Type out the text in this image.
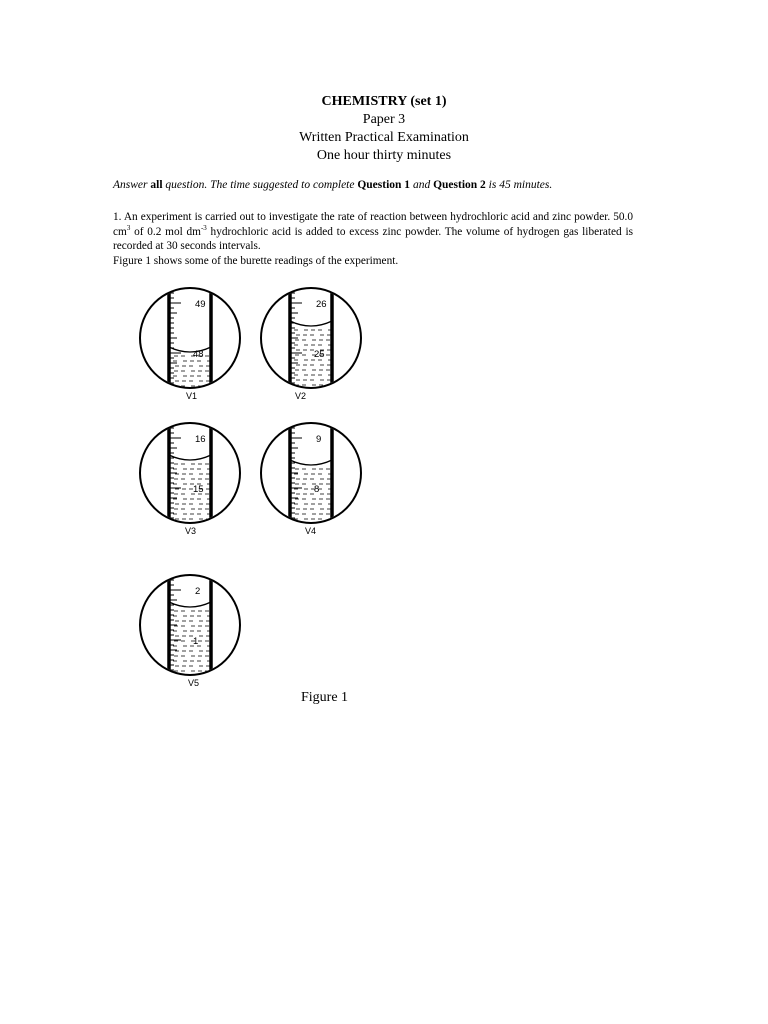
CHEMISTRY (set 1)
Paper 3
Written Practical Examination
One hour thirty minutes
Answer all question. The time suggested to complete Question 1 and Question 2 is 45 minutes.
1. An experiment is carried out to investigate the rate of reaction between hydrochloric acid and zinc powder. 50.0 $cm^3$ of 0.2 mol $dm^{-3}$ hydrochloric acid is added to excess zinc powder. The volume of hydrogen gas liberated is recorded at 30 seconds intervals.
Figure 1 shows some of the burette readings of the experiment.
49
48
V1
26
25
V2
16
15
V3
9
8
V4
2
1
V5
Figure 1
